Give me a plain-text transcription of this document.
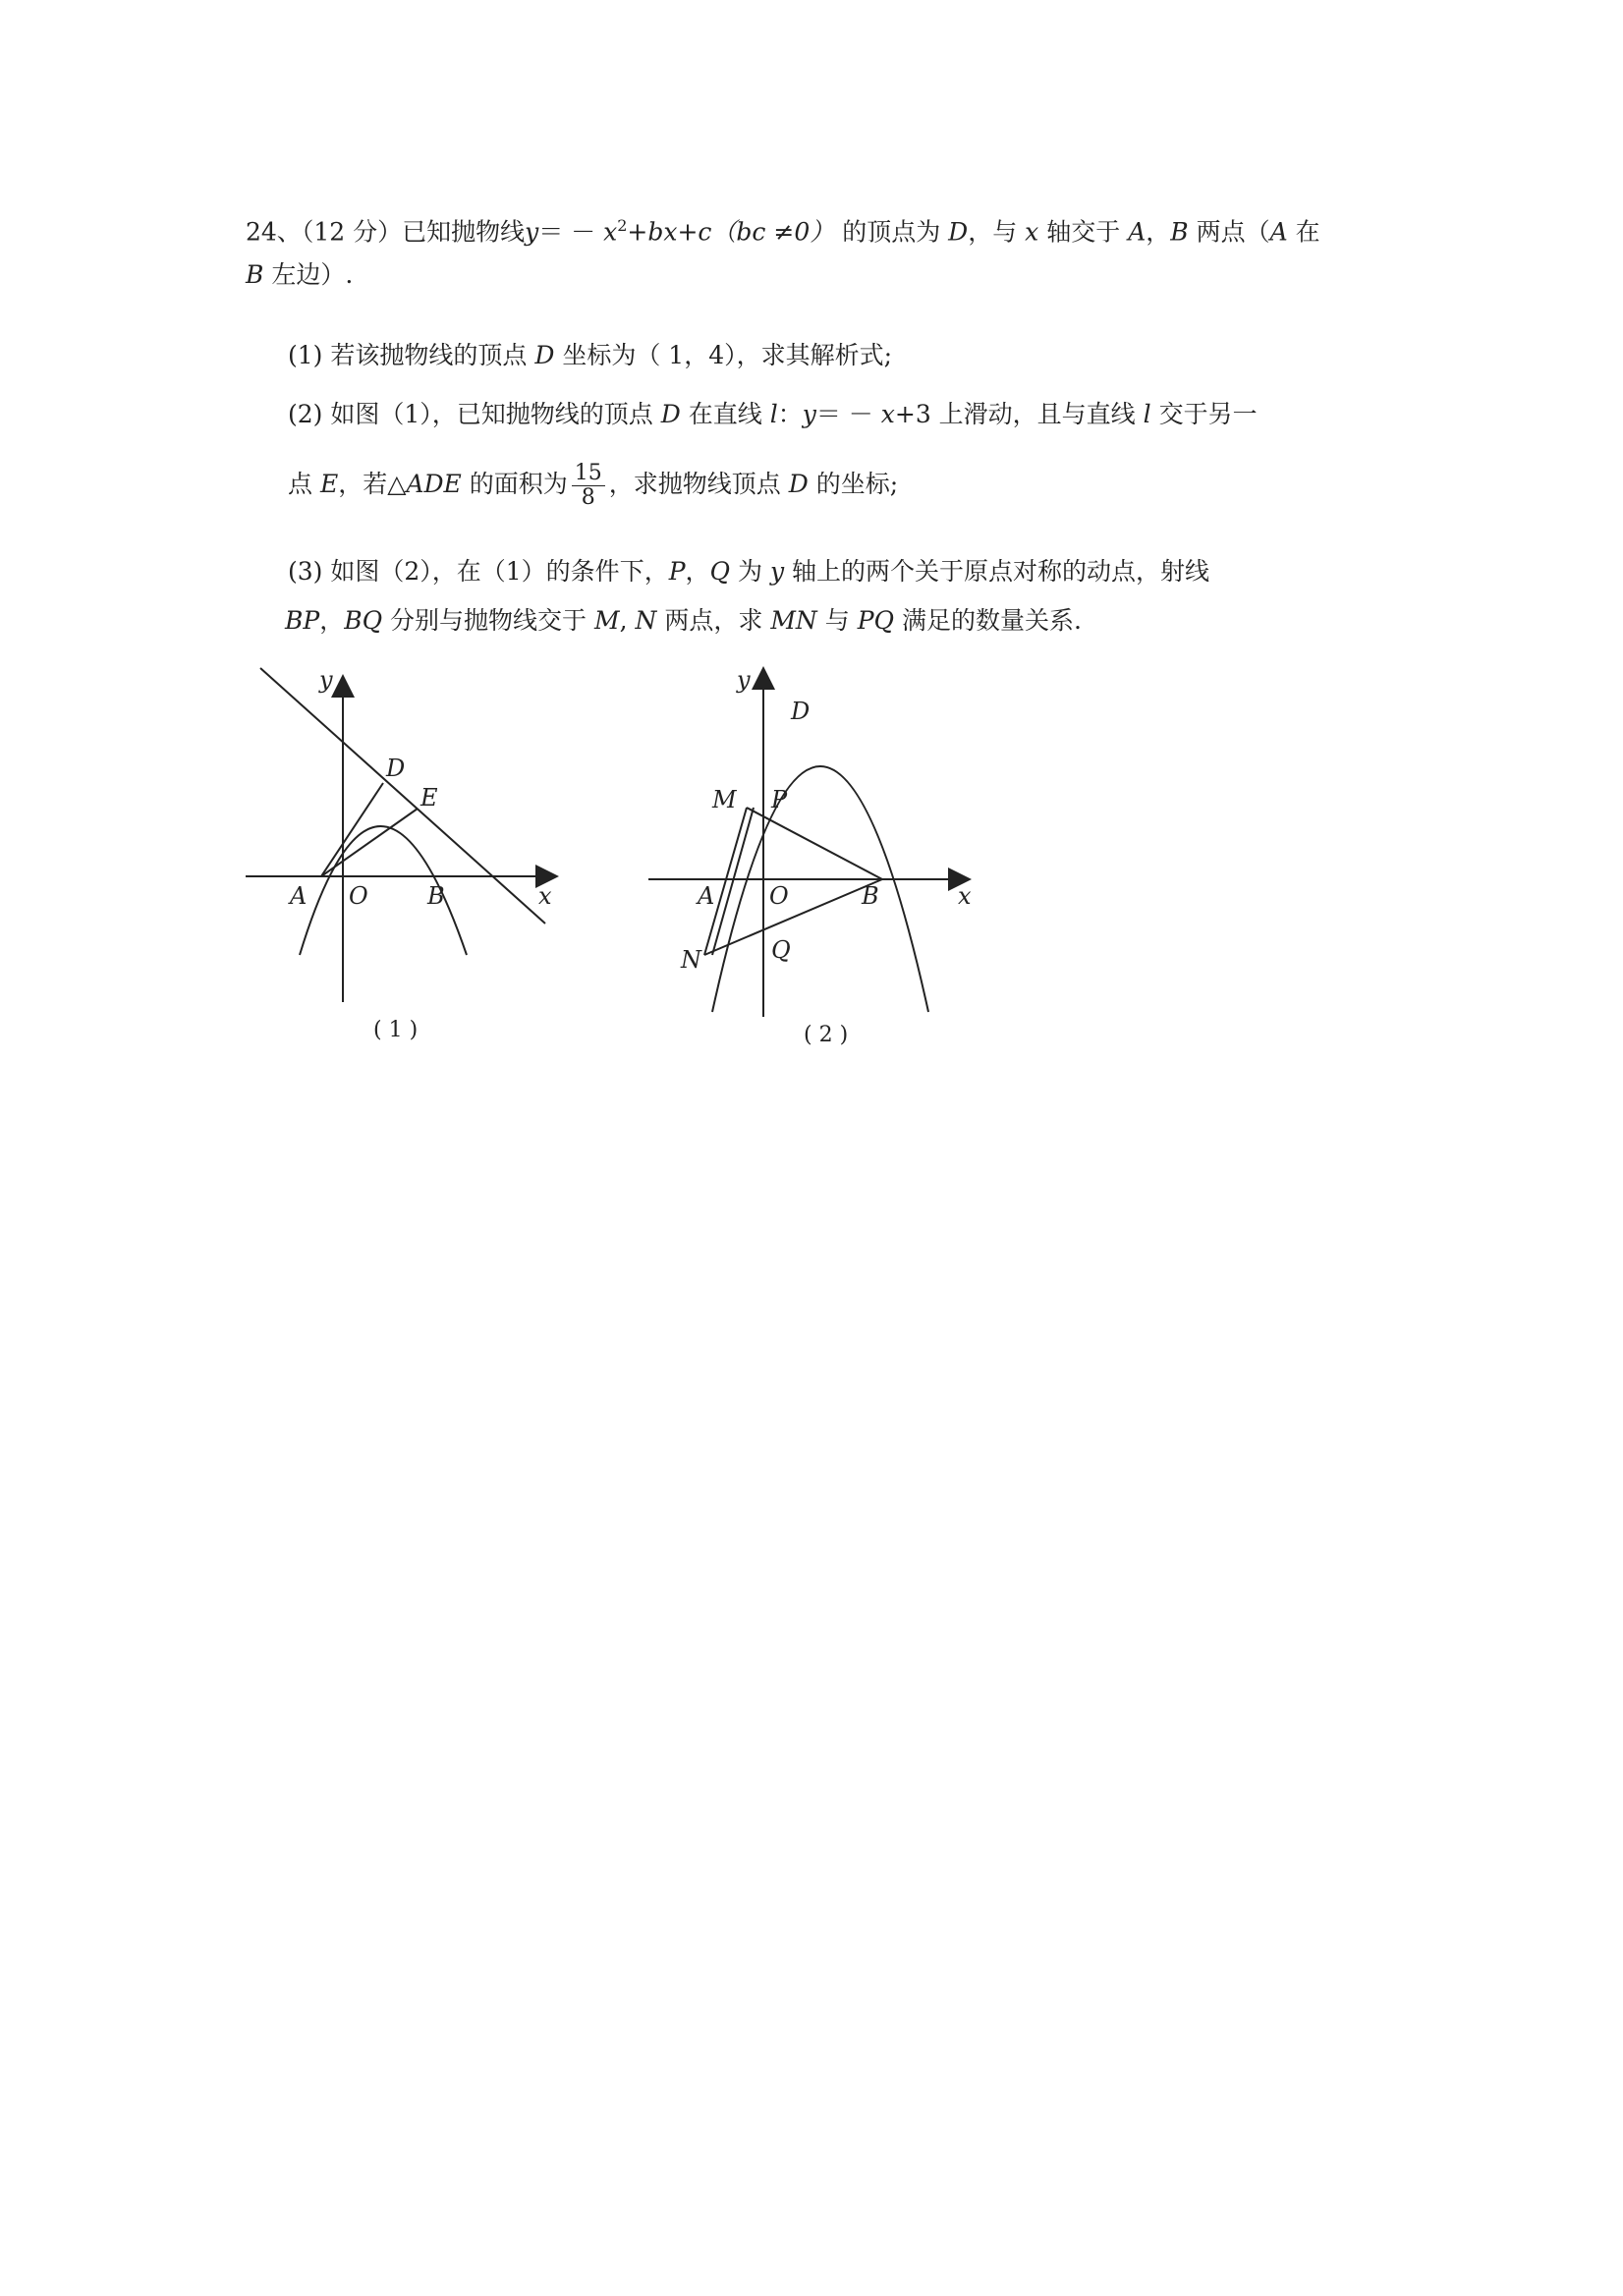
24、（12 分）已知抛物线$y= - x^2+bx+c(bc \ne 0)$ 的顶点为 D，与 x 轴交于 A，B 两点（A 在
B 左边）.
(1) 若该抛物线的顶点 D 坐标为（ 1，4），求其解析式;
(2) 如图（1），已知抛物线的顶点 D 在直线 l：y＝ － x+3 上滑动，且与直线 l 交于另一
点 E，若△ADE 的面积为 $\frac{15}{8}$ ，求抛物线顶点 D 的坐标;
(3) 如图（2），在（1）的条件下，P，Q 为 y 轴上的两个关于原点对称的动点，射线
BP，BQ 分别与抛物线交于 M, N 两点，求 MN 与 PQ 满足的数量关系.
y
x
A O	B
D
E
( 1 )
y
x
A O	B
D
M P
N	Q
( 2 )
